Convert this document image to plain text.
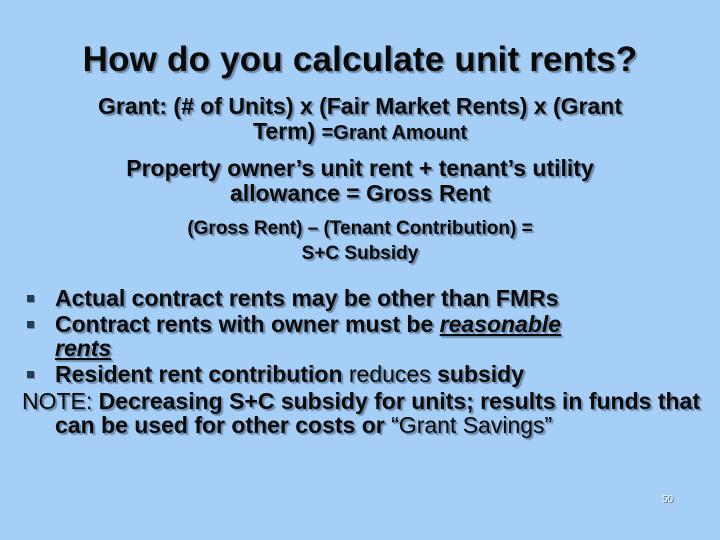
How do you calculate unit rents?
Grant: (# of Units) x (Fair Market Rents) x (Grant
Term) =Grant Amount
Property owner’s unit rent + tenant’s utility
allowance = Gross Rent
(Gross Rent) – (Tenant Contribution) =
S+C Subsidy
Actual contract rents may be other than FMRs
Contract rents with owner must be reasonable
rents
Resident rent contribution reduces subsidy
NOTE: Decreasing S+C subsidy for units; results in funds that can be used for other costs or “Grant Savings”
50
